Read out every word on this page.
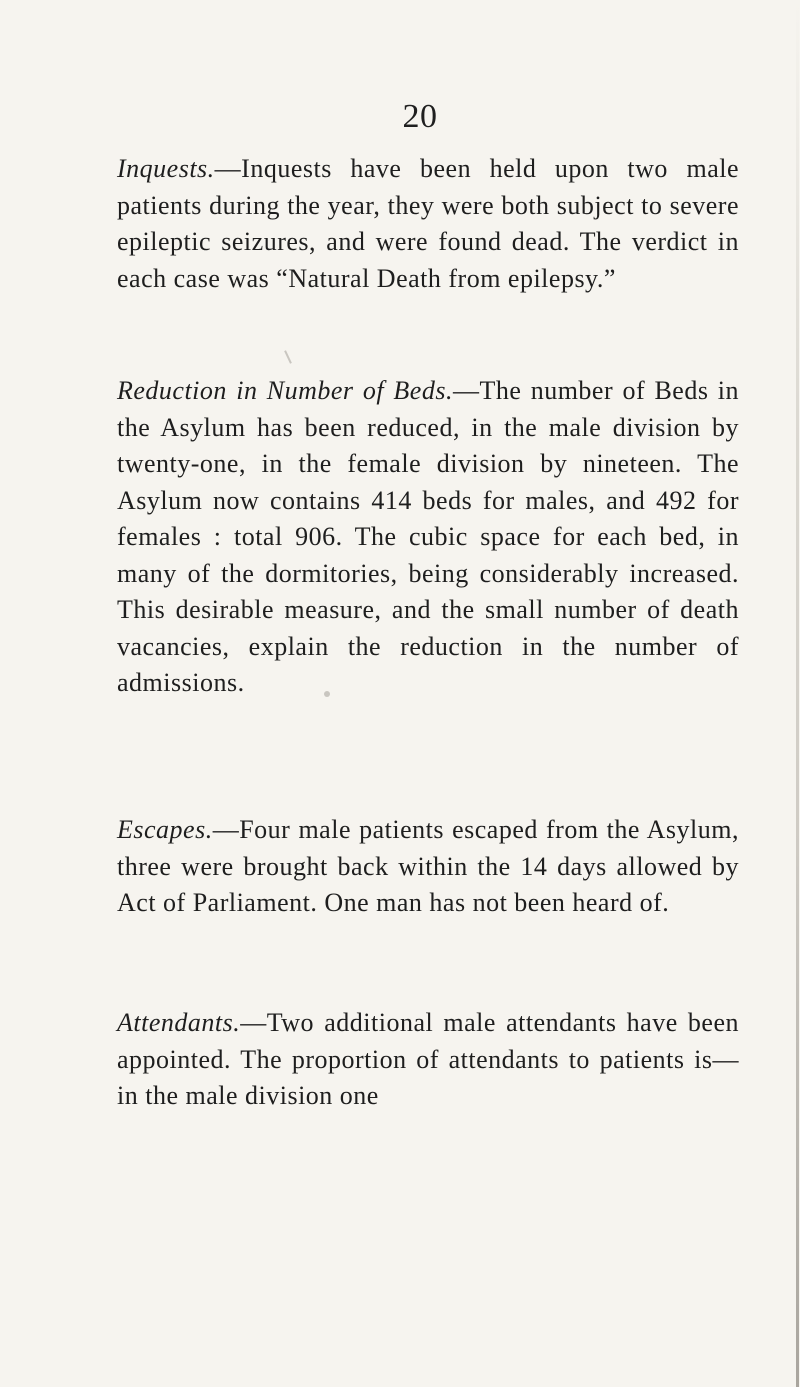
20

Inquests.—Inquests have been held upon two male patients during the year, they were both subject to severe epileptic seizures, and were found dead. The verdict in each case was “Natural Death from epilepsy.”

Reduction in Number of Beds.—The number of Beds in the Asylum has been reduced, in the male division by twenty-one, in the female division by nineteen. The Asylum now contains 414 beds for males, and 492 for females : total 906. The cubic space for each bed, in many of the dormitories, being considerably increased. This desirable measure, and the small number of death vacancies, explain the reduction in the number of admissions.

Escapes.—Four male patients escaped from the Asylum, three were brought back within the 14 days allowed by Act of Parliament. One man has not been heard of.

Attendants.—Two additional male attendants have been appointed. The proportion of attendants to patients is—in the male division one
